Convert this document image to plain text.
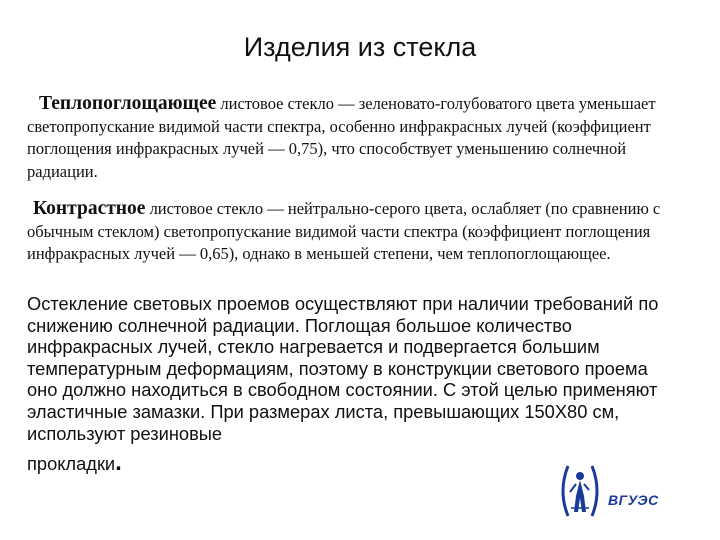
Изделия из стекла

Теплопоглощающее листовое стекло — зеленовато-голубоватого цвета уменьшает светопропускание видимой части спектра, особенно инфракрасных лучей (коэффициент поглощения инфракрасных лучей — 0,75), что способствует уменьшению солнечной радиации.

Контрастное листовое стекло — нейтрально-серого цвета, ослабляет (по сравнению с обычным стеклом) светопропускание видимой части спектра (коэффициент поглощения инфракрасных лучей — 0,65), однако в меньшей степени, чем теплопоглощающее.

Остекление световых проемов осуществляют при наличии требований по снижению солнечной радиации. Поглощая большое количество инфракрасных лучей, стекло нагревается и подвергается большим температурным деформациям, поэтому в конструкции светового проема оно должно находиться в свободном состоянии. С этой целью применяют эластичные замазки. При размерах листа, превышающих 150Х80 см, используют резиновые
прокладки.

ВГУЭС
